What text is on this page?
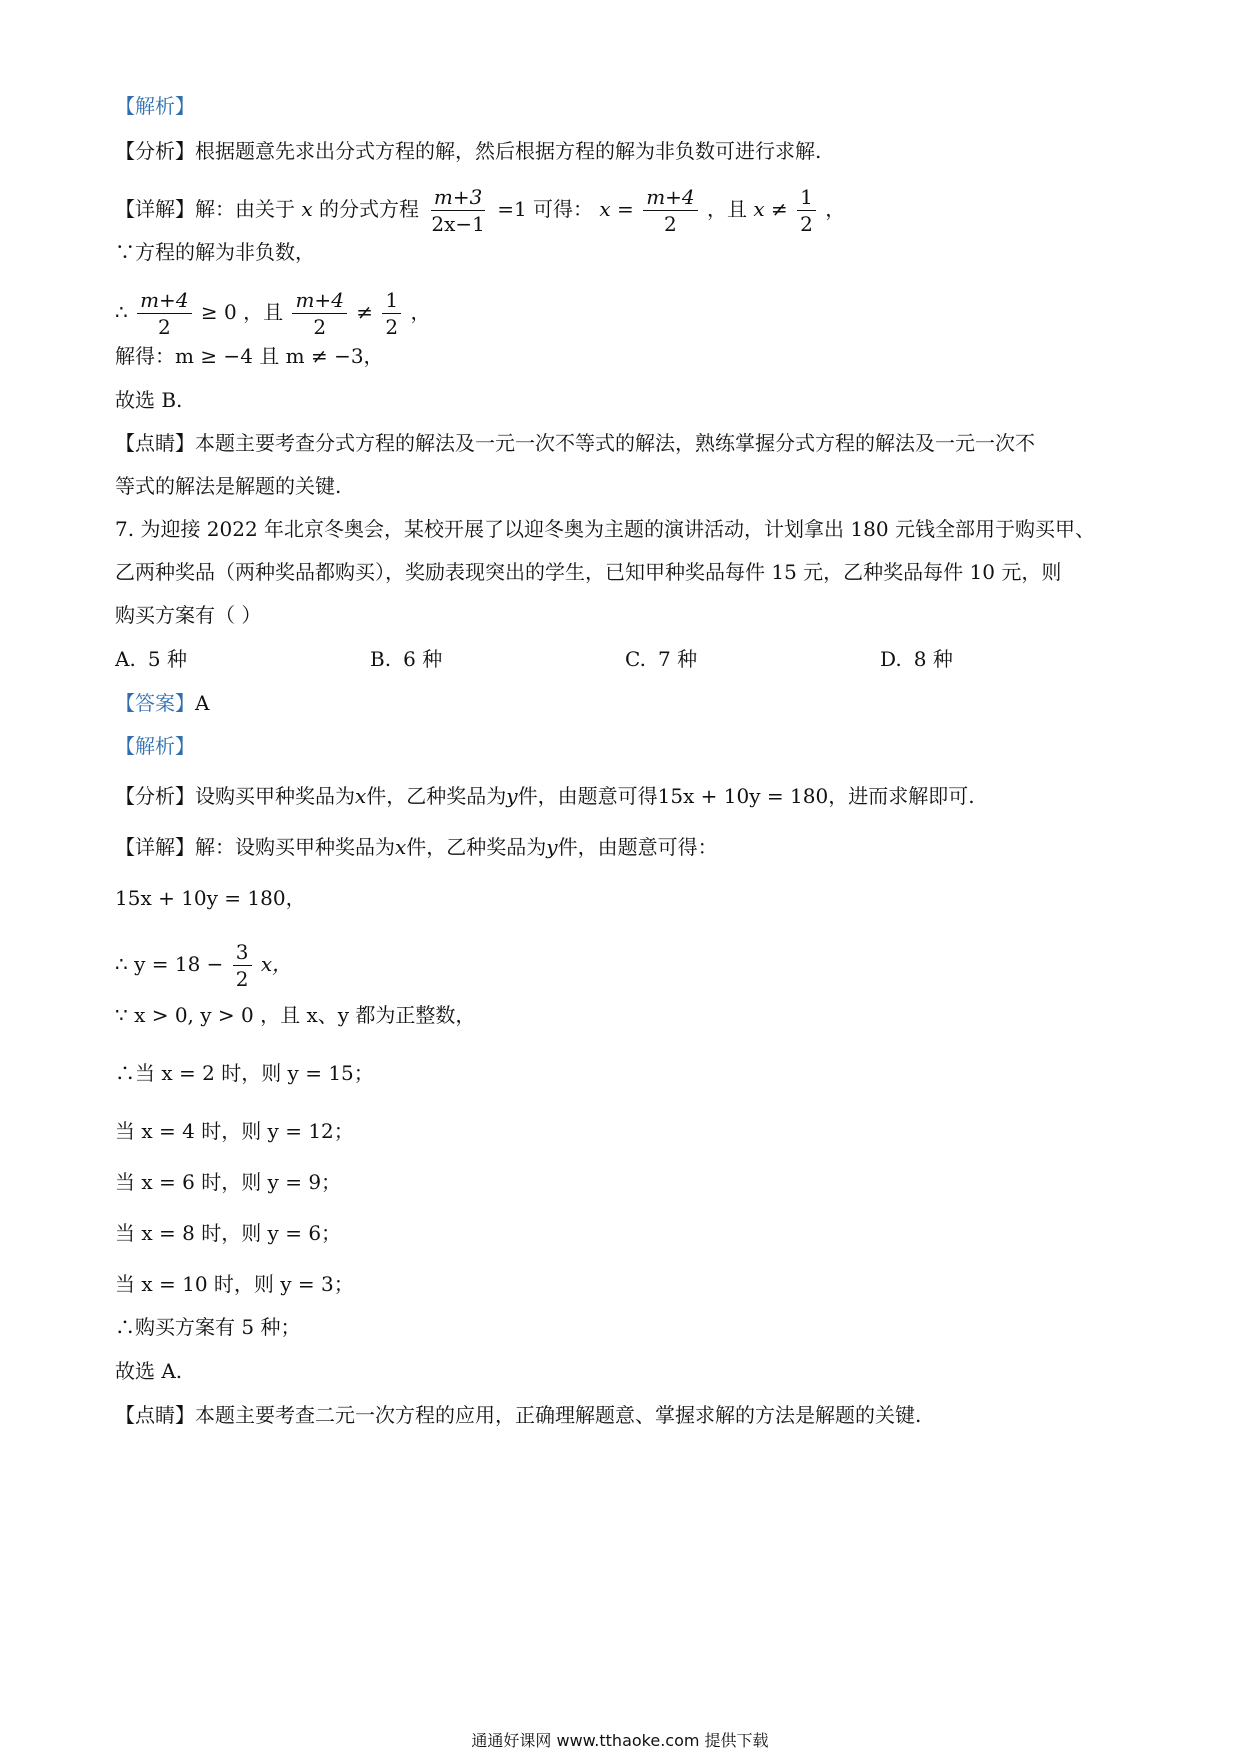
【解析】
【分析】根据题意先求出分式方程的解，然后根据方程的解为非负数可进行求解.
【详解】解：由关于 x 的分式方程 $\frac{m+3}{2x-1} =1$ 可得： $x = \frac{m+4}{2}$ ，且 $x \ne \frac{1}{2}$ ，
∵方程的解为非负数，
∴ $\frac{m+4}{2} \ge 0$ ，且 $\frac{m+4}{2} \ne \frac{1}{2}$ ，
解得：m ≥ −4 且 m ≠ −3，
故选 B.
【点睛】本题主要考查分式方程的解法及一元一次不等式的解法，熟练掌握分式方程的解法及一元一次不
等式的解法是解题的关键.
7. 为迎接 2022 年北京冬奥会，某校开展了以迎冬奥为主题的演讲活动，计划拿出 180 元钱全部用于购买甲、
乙两种奖品（两种奖品都购买），奖励表现突出的学生，已知甲种奖品每件 15 元，乙种奖品每件 10 元，则
购买方案有（ ）
A. 5 种	B. 6 种	C. 7 种	D. 8 种
【答案】A
【解析】
【分析】设购买甲种奖品为x件，乙种奖品为y件，由题意可得15x + 10y = 180，进而求解即可.
【详解】解：设购买甲种奖品为x件，乙种奖品为y件，由题意可得：
15x + 10y = 180，
∴ $y = 18 - \frac{3}{2}$ x，
∵ x > 0, y > 0 ，且 x、y 都为正整数，
∴当 x = 2 时，则 y = 15；
当 x = 4 时，则 y = 12；
当 x = 6 时，则 y = 9；
当 x = 8 时，则 y = 6；
当 x = 10 时，则 y = 3；
∴购买方案有 5 种；
故选 A.
【点睛】本题主要考查二元一次方程的应用，正确理解题意、掌握求解的方法是解题的关键.
通通好课网 www.tthaoke.com 提供下载
